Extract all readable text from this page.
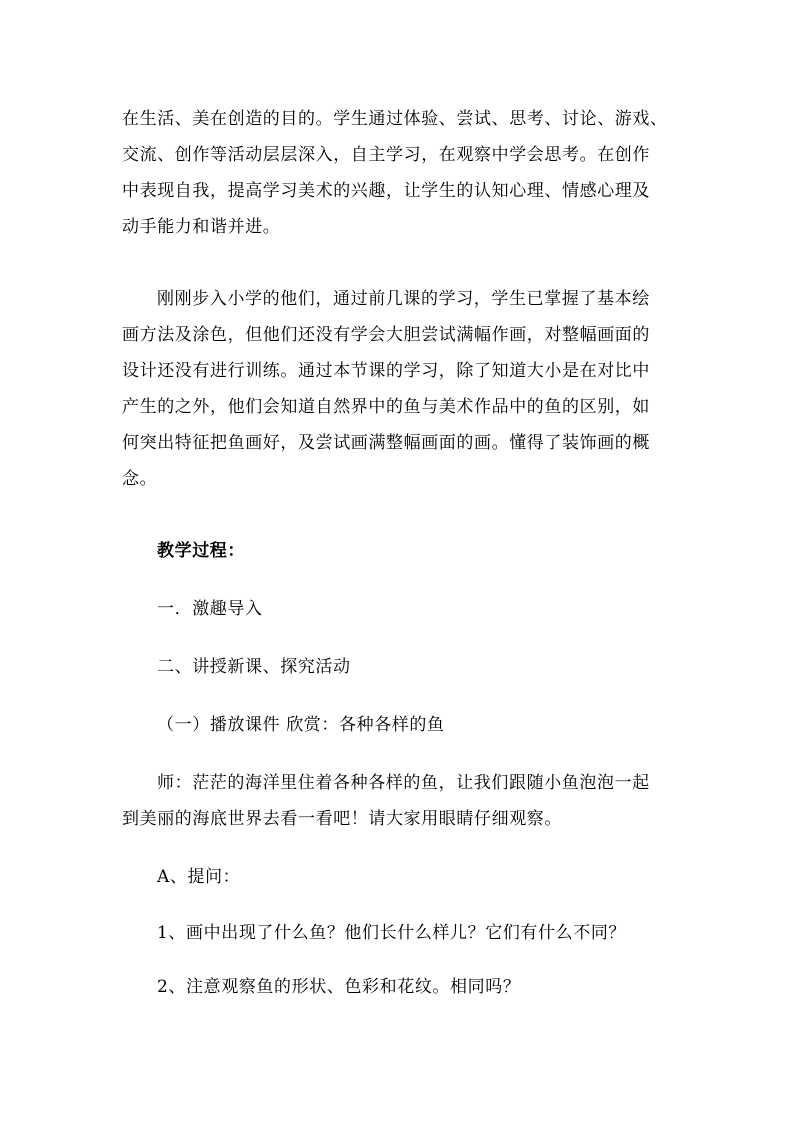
在生活、美在创造的目的。学生通过体验、尝试、思考、讨论、游戏、
交流、创作等活动层层深入，自主学习，在观察中学会思考。在创作
中表现自我，提高学习美术的兴趣，让学生的认知心理、情感心理及
动手能力和谐并进。
刚刚步入小学的他们，通过前几课的学习，学生已掌握了基本绘
画方法及涂色，但他们还没有学会大胆尝试满幅作画，对整幅画面的
设计还没有进行训练。通过本节课的学习，除了知道大小是在对比中
产生的之外，他们会知道自然界中的鱼与美术作品中的鱼的区别，如
何突出特征把鱼画好，及尝试画满整幅画面的画。懂得了装饰画的概
念。
教学过程：
一．激趣导入
二、讲授新课、探究活动
（一）播放课件 欣赏：各种各样的鱼
师：茫茫的海洋里住着各种各样的鱼，让我们跟随小鱼泡泡一起
到美丽的海底世界去看一看吧！请大家用眼睛仔细观察。
A、提问：
1、画中出现了什么鱼？他们长什么样儿？它们有什么不同？
2、注意观察鱼的形状、色彩和花纹。相同吗？
